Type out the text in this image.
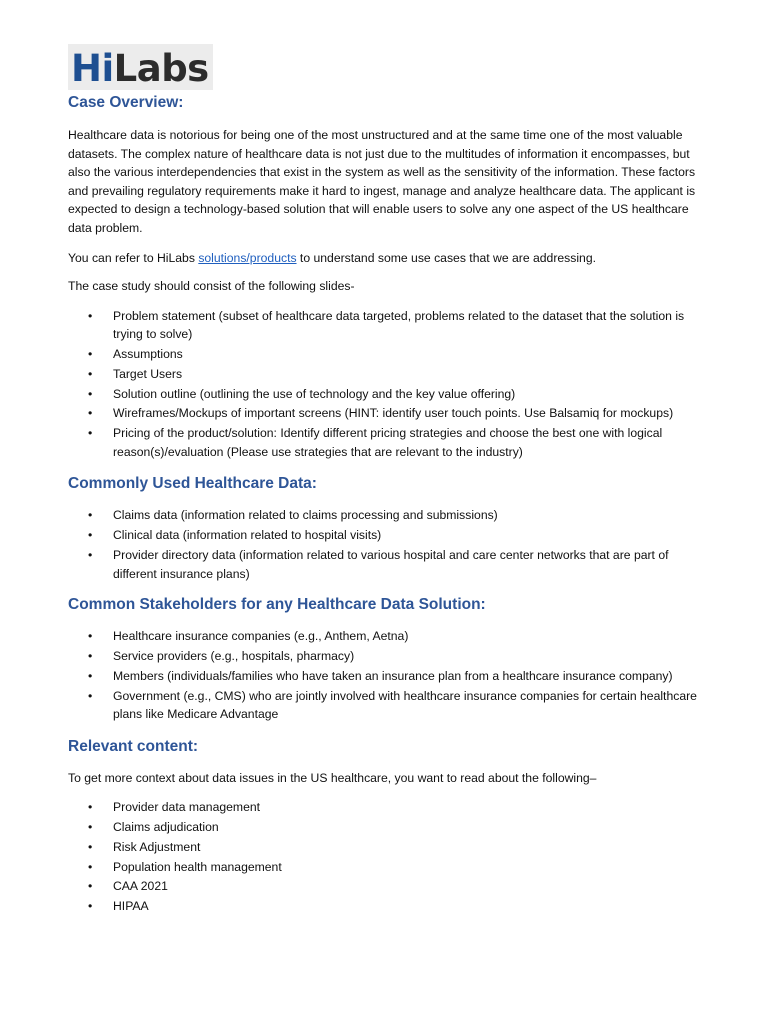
HiLabs
Case Overview:

Healthcare data is notorious for being one of the most unstructured and at the same time one of the most valuable datasets. The complex nature of healthcare data is not just due to the multitudes of information it encompasses, but also the various interdependencies that exist in the system as well as the sensitivity of the information. These factors and prevailing regulatory requirements make it hard to ingest, manage and analyze healthcare data. The applicant is expected to design a technology-based solution that will enable users to solve any one aspect of the US healthcare data problem.

You can refer to HiLabs solutions/products to understand some use cases that we are addressing.

The case study should consist of the following slides-

• Problem statement (subset of healthcare data targeted, problems related to the dataset that the solution is trying to solve)
• Assumptions
• Target Users
• Solution outline (outlining the use of technology and the key value offering)
• Wireframes/Mockups of important screens (HINT: identify user touch points. Use Balsamiq for mockups)
• Pricing of the product/solution: Identify different pricing strategies and choose the best one with logical reason(s)/evaluation (Please use strategies that are relevant to the industry)
Commonly Used Healthcare Data:
• Claims data (information related to claims processing and submissions)
• Clinical data (information related to hospital visits)
• Provider directory data (information related to various hospital and care center networks that are part of different insurance plans)
Common Stakeholders for any Healthcare Data Solution:
• Healthcare insurance companies (e.g., Anthem, Aetna)
• Service providers (e.g., hospitals, pharmacy)
• Members (individuals/families who have taken an insurance plan from a healthcare insurance company)
• Government (e.g., CMS) who are jointly involved with healthcare insurance companies for certain healthcare plans like Medicare Advantage
Relevant content:

To get more context about data issues in the US healthcare, you want to read about the following–

• Provider data management
• Claims adjudication
• Risk Adjustment
• Population health management
• CAA 2021
• HIPAA
